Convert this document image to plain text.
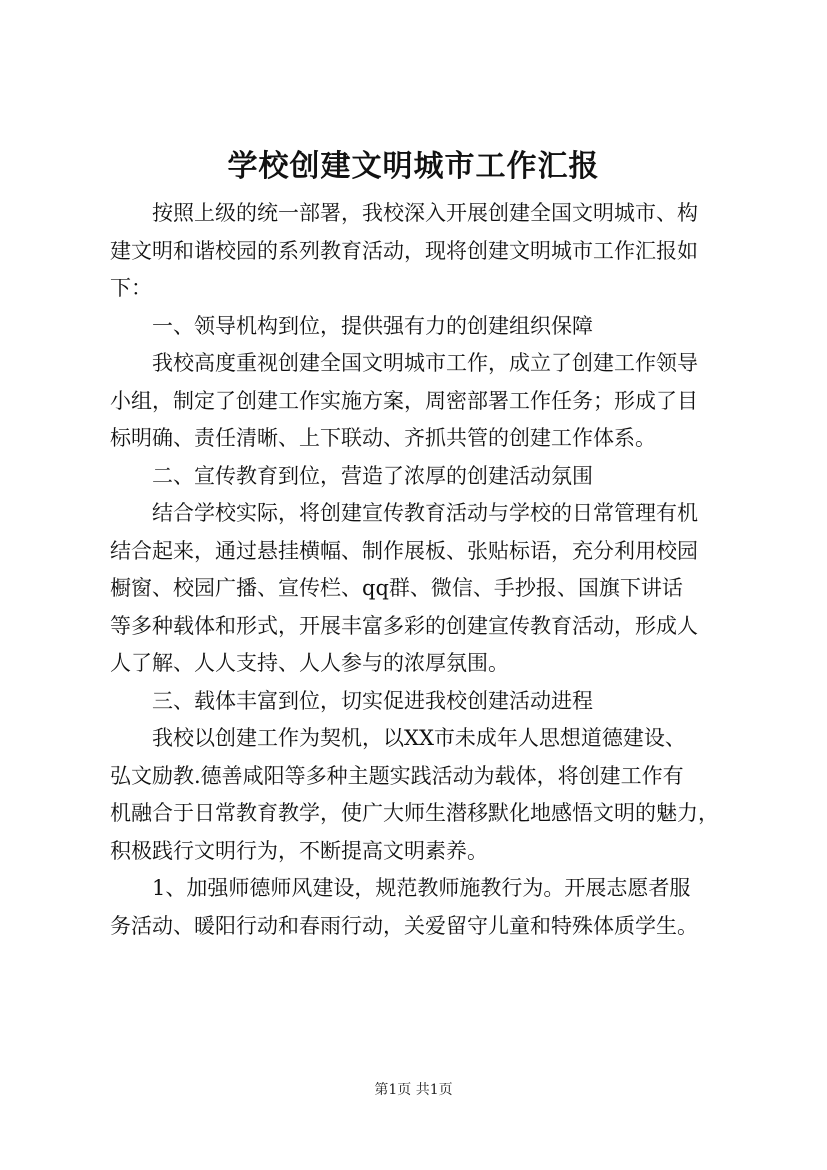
学校创建文明城市工作汇报
按照上级的统一部署，我校深入开展创建全国文明城市、构
建文明和谐校园的系列教育活动，现将创建文明城市工作汇报如
下：
一、领导机构到位，提供强有力的创建组织保障
我校高度重视创建全国文明城市工作，成立了创建工作领导
小组，制定了创建工作实施方案，周密部署工作任务；形成了目
标明确、责任清晰、上下联动、齐抓共管的创建工作体系。
二、宣传教育到位，营造了浓厚的创建活动氛围
结合学校实际，将创建宣传教育活动与学校的日常管理有机
结合起来，通过悬挂横幅、制作展板、张贴标语，充分利用校园
橱窗、校园广播、宣传栏、qq群、微信、手抄报、国旗下讲话
等多种载体和形式，开展丰富多彩的创建宣传教育活动，形成人
人了解、人人支持、人人参与的浓厚氛围。
三、载体丰富到位，切实促进我校创建活动进程
我校以创建工作为契机，以XX市未成年人思想道德建设、
弘文励教.德善咸阳等多种主题实践活动为载体，将创建工作有
机融合于日常教育教学，使广大师生潜移默化地感悟文明的魅力，
积极践行文明行为，不断提高文明素养。
1、加强师德师风建设，规范教师施教行为。开展志愿者服
务活动、暖阳行动和春雨行动，关爱留守儿童和特殊体质学生。
第1页 共1页
